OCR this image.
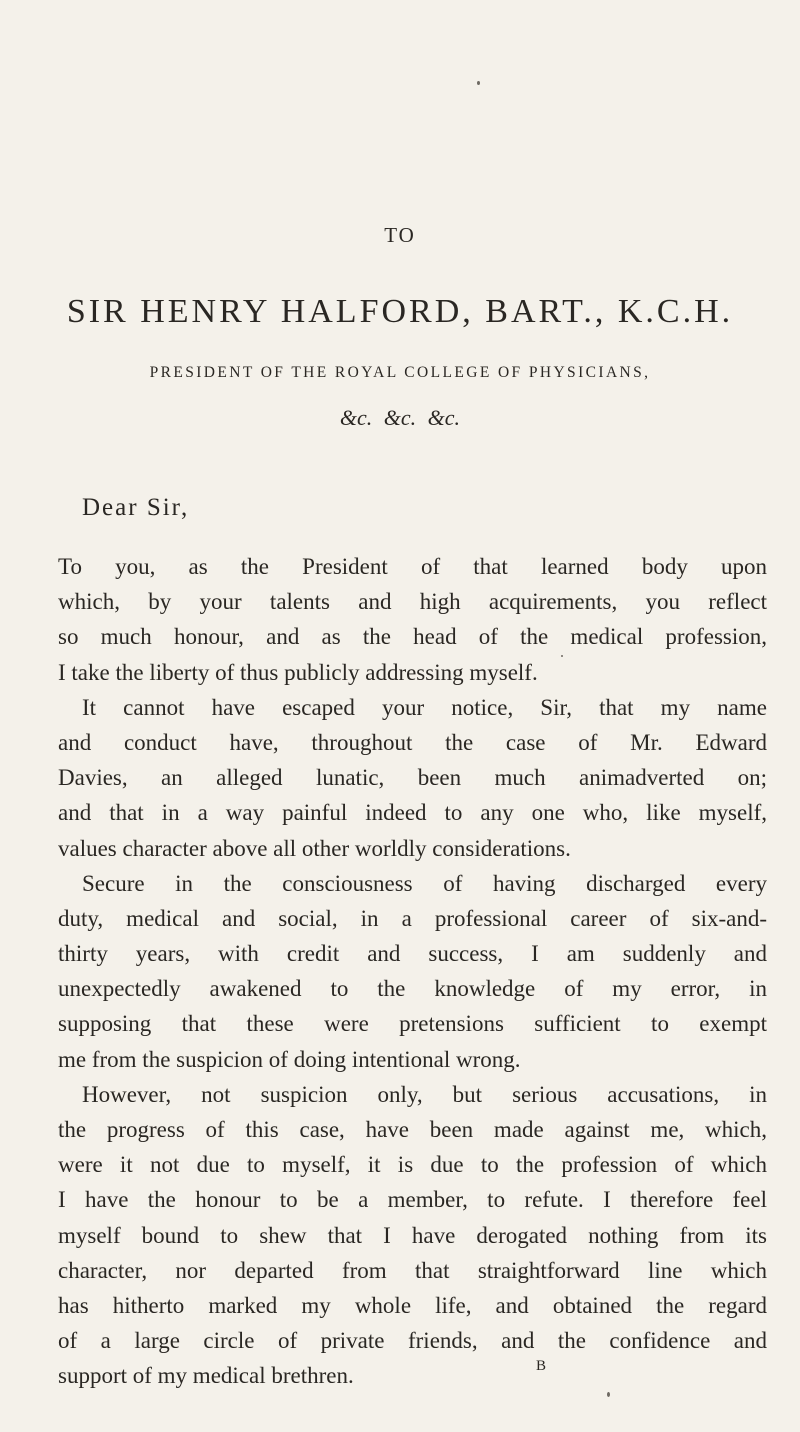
TO
SIR HENRY HALFORD, BART., K.C.H.
PRESIDENT OF THE ROYAL COLLEGE OF PHYSICIANS,
&c. &c. &c.
Dear Sir,
To you, as the President of that learned body upon
which, by your talents and high acquirements, you reflect
so much honour, and as the head of the medical profession,
I take the liberty of thus publicly addressing myself.
It cannot have escaped your notice, Sir, that my name
and conduct have, throughout the case of Mr. Edward
Davies, an alleged lunatic, been much animadverted on;
and that in a way painful indeed to any one who, like myself,
values character above all other worldly considerations.
Secure in the consciousness of having discharged every
duty, medical and social, in a professional career of six-and-
thirty years, with credit and success, I am suddenly and
unexpectedly awakened to the knowledge of my error, in
supposing that these were pretensions sufficient to exempt
me from the suspicion of doing intentional wrong.
However, not suspicion only, but serious accusations, in
the progress of this case, have been made against me, which,
were it not due to myself, it is due to the profession of which
I have the honour to be a member, to refute. I therefore feel
myself bound to shew that I have derogated nothing from its
character, nor departed from that straightforward line which
has hitherto marked my whole life, and obtained the regard
of a large circle of private friends, and the confidence and
support of my medical brethren.	B
